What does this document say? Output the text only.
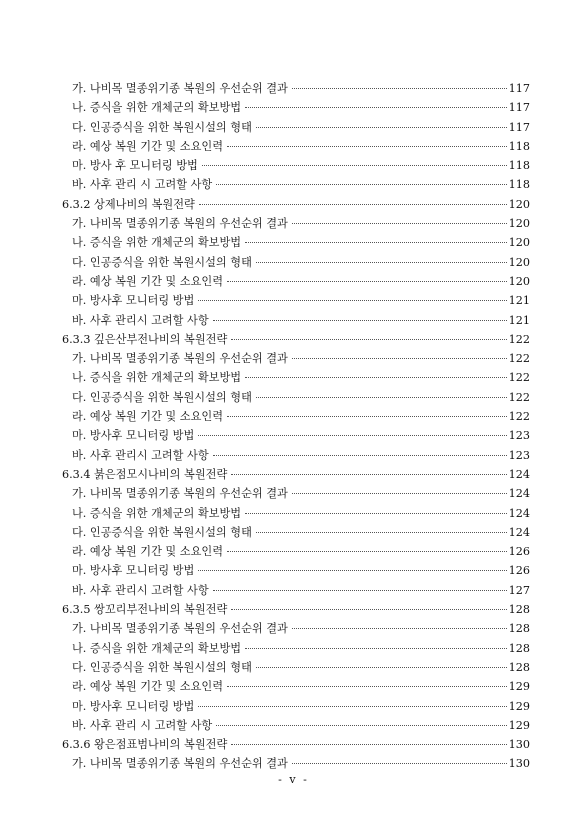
가. 나비목 멸종위기종 복원의 우선순위 결과	117
나. 증식을 위한 개체군의 확보방법	117
다. 인공증식을 위한 복원시설의 형태	117
라. 예상 복원 기간 및 소요인력	118
마. 방사 후 모니터링 방법	118
바. 사후 관리 시 고려할 사항	118
6.3.2 상제나비의 복원전략	120
가. 나비목 멸종위기종 복원의 우선순위 결과	120
나. 증식을 위한 개체군의 확보방법	120
다. 인공증식을 위한 복원시설의 형태	120
라. 예상 복원 기간 및 소요인력	120
마. 방사후 모니터링 방법	121
바. 사후 관리시 고려할 사항	121
6.3.3 깊은산부전나비의 복원전략	122
가. 나비목 멸종위기종 복원의 우선순위 결과	122
나. 증식을 위한 개체군의 확보방법	122
다. 인공증식을 위한 복원시설의 형태	122
라. 예상 복원 기간 및 소요인력	122
마. 방사후 모니터링 방법	123
바. 사후 관리시 고려할 사항	123
6.3.4 붉은점모시나비의 복원전략	124
가. 나비목 멸종위기종 복원의 우선순위 결과	124
나. 증식을 위한 개체군의 확보방법	124
다. 인공증식을 위한 복원시설의 형태	124
라. 예상 복원 기간 및 소요인력	126
마. 방사후 모니터링 방법	126
바. 사후 관리시 고려할 사항	127
6.3.5 쌍꼬리부전나비의 복원전략	128
가. 나비목 멸종위기종 복원의 우선순위 결과	128
나. 증식을 위한 개체군의 확보방법	128
다. 인공증식을 위한 복원시설의 형태	128
라. 예상 복원 기간 및 소요인력	129
마. 방사후 모니터링 방법	129
바. 사후 관리 시 고려할 사항	129
6.3.6 왕은점표범나비의 복원전략	130
가. 나비목 멸종위기종 복원의 우선순위 결과	130
- v -
